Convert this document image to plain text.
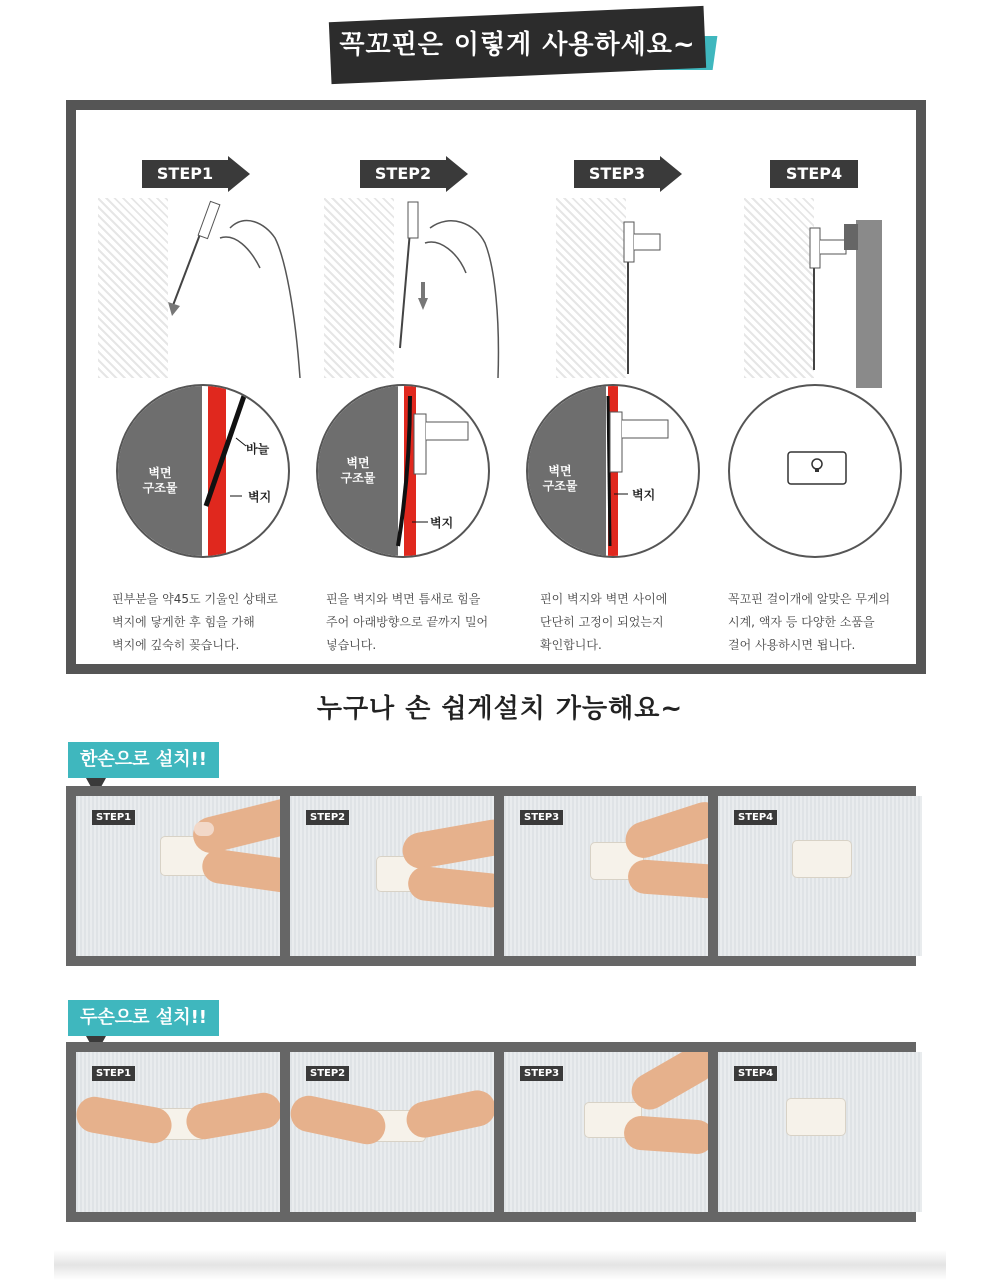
꼭꼬핀은 이렇게 사용하세요~
STEP1	STEP2	STEP3	STEP4
벽면
구조물
바늘
벽지
핀부분을 약45도 기울인 상태로
벽지에 닿게한 후 힘을 가해
벽지에 깊숙히 꽂습니다.
벽면
구조물
벽지
핀을 벽지와 벽면 틈새로 힘을
주어 아래방향으로 끝까지 밀어
넣습니다.
벽면
구조물
벽지
핀이 벽지와 벽면 사이에
단단히 고정이 되었는지
확인합니다.
꼭꼬핀 걸이개에 알맞은 무게의
시계, 액자 등 다양한 소품을
걸어 사용하시면 됩니다.
누구나 손 쉽게설치 가능해요~
한손으로 설치!!
STEP1	STEP2	STEP3	STEP4
두손으로 설치!!
STEP1	STEP2	STEP3	STEP4
